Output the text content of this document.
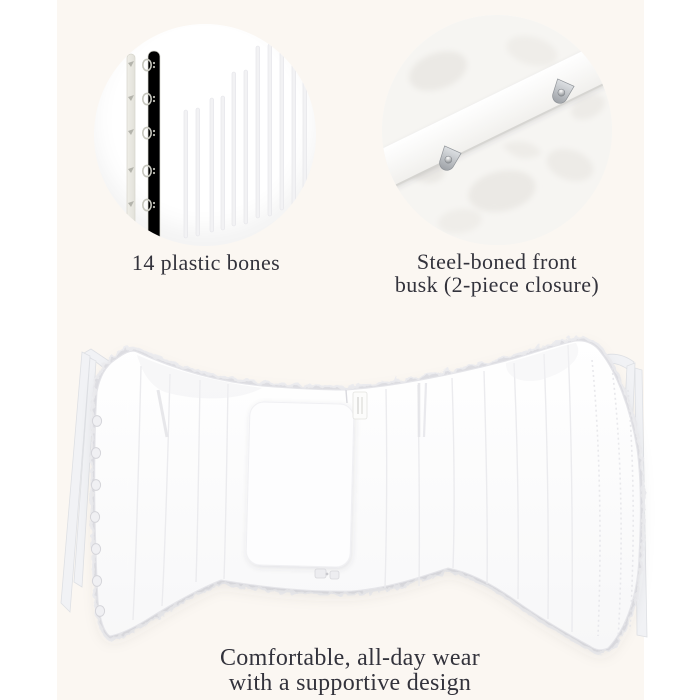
14 plastic bones	Steel-boned front
busk (2-piece closure)
Comfortable, all-day wear
with a supportive design
